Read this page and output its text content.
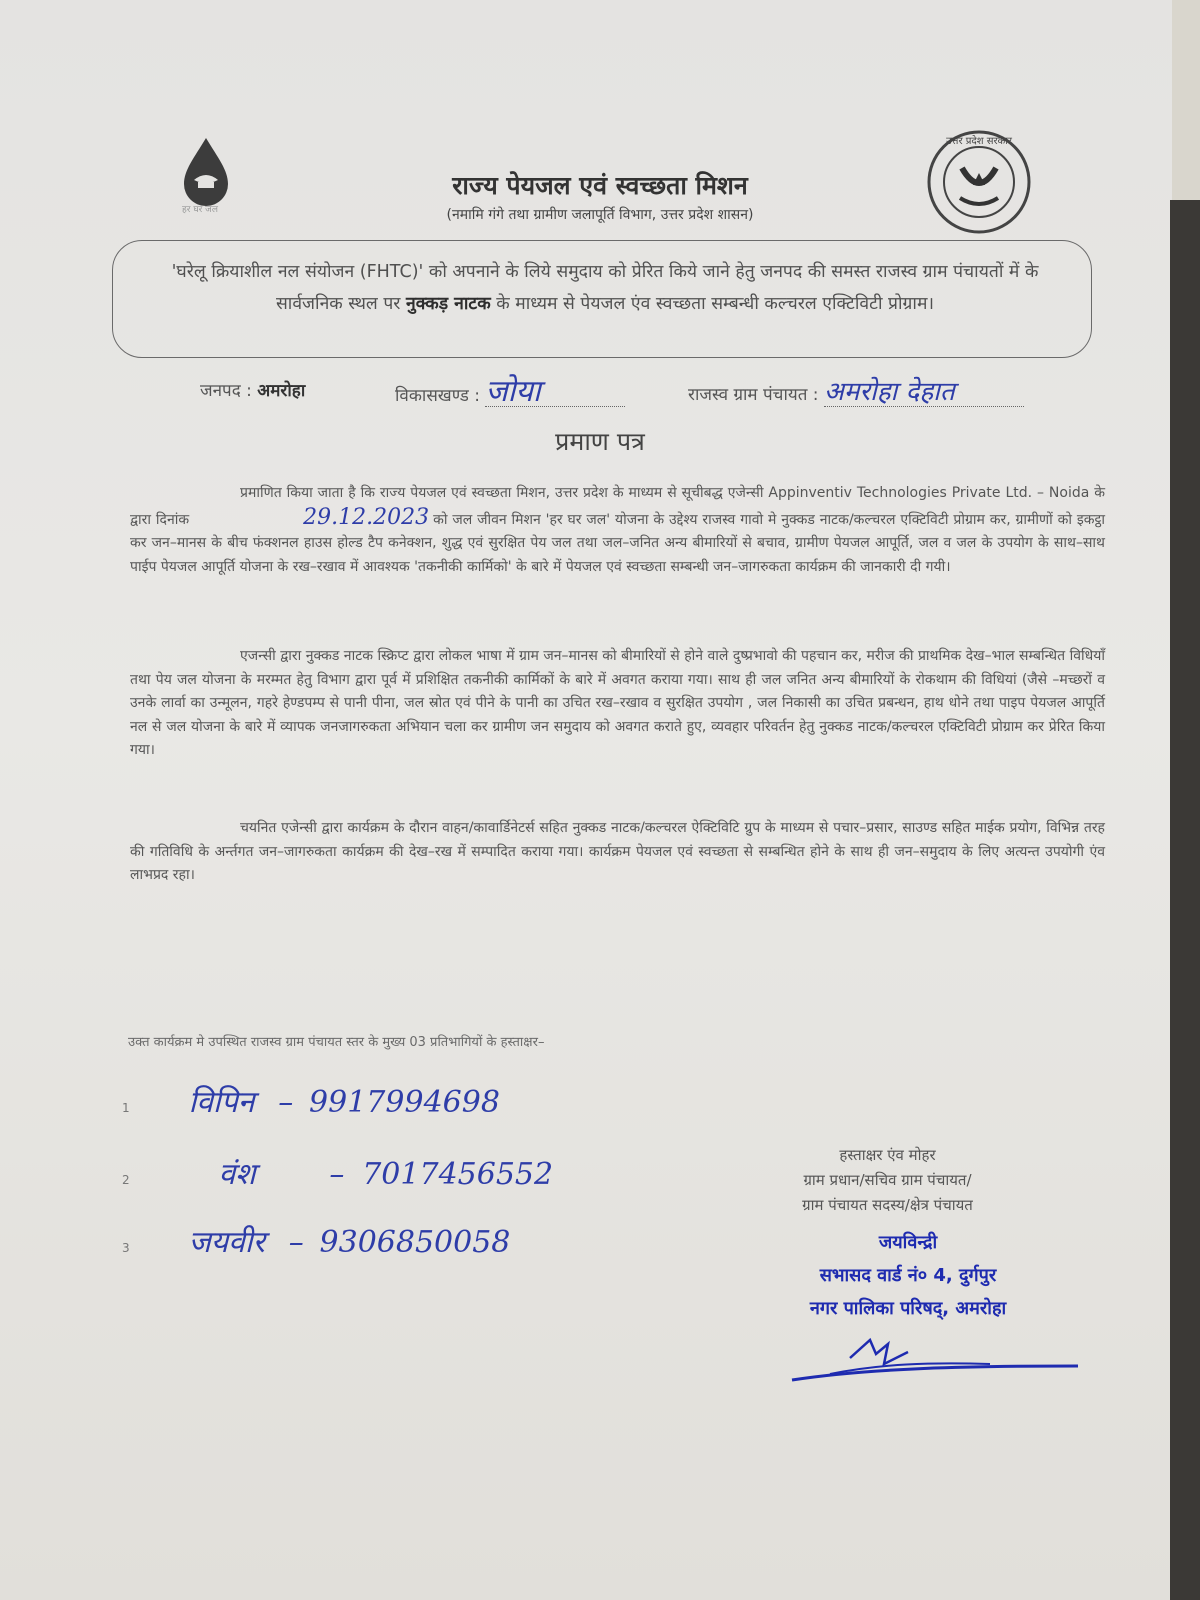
हर घर जल
उत्तर प्रदेश सरकार
राज्य पेयजल एवं स्वच्छता मिशन
(नमामि गंगे तथा ग्रामीण जलापूर्ति विभाग, उत्तर प्रदेश शासन)
'घरेलू क्रियाशील नल संयोजन (FHTC)' को अपनाने के लिये समुदाय को प्रेरित किये जाने हेतु जनपद की समस्त राजस्व ग्राम पंचायतों में के सार्वजनिक स्थल पर नुक्कड़ नाटक के माध्यम से पेयजल एंव स्वच्छता सम्बन्धी कल्चरल एक्टिविटी प्रोग्राम।
जनपद : अमरोहा	विकासखण्ड : जोया	राजस्व ग्राम पंचायत : अमरोहा देहात
प्रमाण पत्र
प्रमाणित किया जाता है कि राज्य पेयजल एवं स्वच्छता मिशन, उत्तर प्रदेश के माध्यम से सूचीबद्ध एजेन्सी Appinventiv Technologies Private Ltd. – Noida के द्वारा दिनांक	29.12.2023 को जल जीवन मिशन 'हर घर जल' योजना के उद्देश्य राजस्व गावो मे नुक्कड नाटक/कल्चरल एक्टिविटी प्रोग्राम कर, ग्रामीणों को इकट्ठा कर जन–मानस के बीच फंक्शनल हाउस होल्ड टैप कनेक्शन, शुद्ध एवं सुरक्षित पेय जल तथा जल–जनित अन्य बीमारियों से बचाव, ग्रामीण पेयजल आपूर्ति, जल व जल के उपयोग के साथ–साथ पाईप पेयजल आपूर्ति योजना के रख–रखाव में आवश्यक 'तकनीकी कार्मिको' के बारे में पेयजल एवं स्वच्छता सम्बन्धी जन–जागरुकता कार्यक्रम की जानकारी दी गयी।
एजन्सी द्वारा नुक्कड नाटक स्क्रिप्ट द्वारा लोकल भाषा में ग्राम जन–मानस को बीमारियों से होने वाले दुष्प्रभावो की पहचान कर, मरीज की प्राथमिक देख–भाल सम्बन्धित विधियाँ तथा पेय जल योजना के मरम्मत हेतु विभाग द्वारा पूर्व में प्रशिक्षित तकनीकी कार्मिकों के बारे में अवगत कराया गया। साथ ही जल जनित अन्य बीमारियों के रोकथाम की विधियां (जैसे –मच्छरों व उनके लार्वा का उन्मूलन, गहरे हेण्डपम्प से पानी पीना, जल स्रोत एवं पीने के पानी का उचित रख–रखाव व सुरक्षित उपयोग , जल निकासी का उचित प्रबन्धन, हाथ धोने तथा पाइप पेयजल आपूर्ति नल से जल योजना के बारे में व्यापक जनजागरुकता अभियान चला कर ग्रामीण जन समुदाय को अवगत कराते हुए, व्यवहार परिवर्तन हेतु नुक्कड नाटक/कल्चरल एक्टिविटी प्रोग्राम कर प्रेरित किया गया।
चयनित एजेन्सी द्वारा कार्यक्रम के दौरान वाहन/कावार्डिनेटर्स सहित नुक्कड नाटक/कल्चरल ऐक्टिविटि ग्रुप के माध्यम से पचार–प्रसार, साउण्ड सहित माईक प्रयोग, विभिन्न तरह की गतिविधि के अर्न्तगत जन–जागरुकता कार्यक्रम की देख–रख में सम्पादित कराया गया। कार्यक्रम पेयजल एवं स्वच्छता से सम्बन्धित होने के साथ ही जन–समुदाय के लिए अत्यन्त उपयोगी एंव लाभप्रद रहा।
उक्त कार्यक्रम मे उपस्थित राजस्व ग्राम पंचायत स्तर के मुख्य 03 प्रतिभागियों के हस्ताक्षर–
1 विपिन – 9917994698
2	वंश – 7017456552
3 जयवीर – 9306850058
हस्ताक्षर एंव मोहर
ग्राम प्रधान/सचिव ग्राम पंचायत/
ग्राम पंचायत सदस्य/क्षेत्र पंचायत
जयविन्द्री
सभासद वार्ड नं० 4, दुर्गपुर
नगर पालिका परिषद्, अमरोहा
